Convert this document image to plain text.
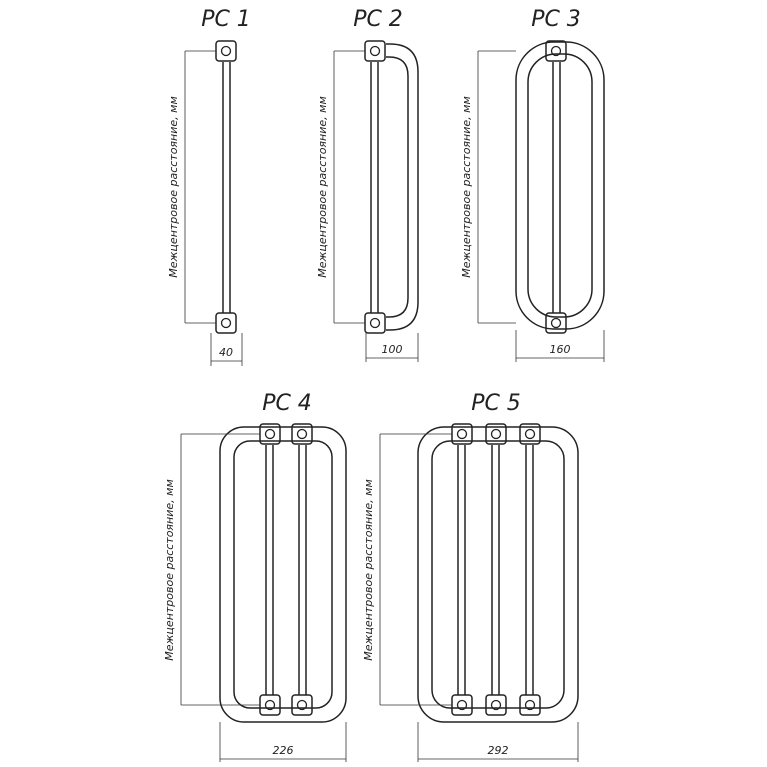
PC 1
Межцентровое расстояние, мм
40
PC 2
Межцентровое расстояние, мм
100
PC 3
Межцентровое расстояние, мм
160
PC 4
Межцентровое расстояние, мм
226
PC 5
Межцентровое расстояние, мм
292
